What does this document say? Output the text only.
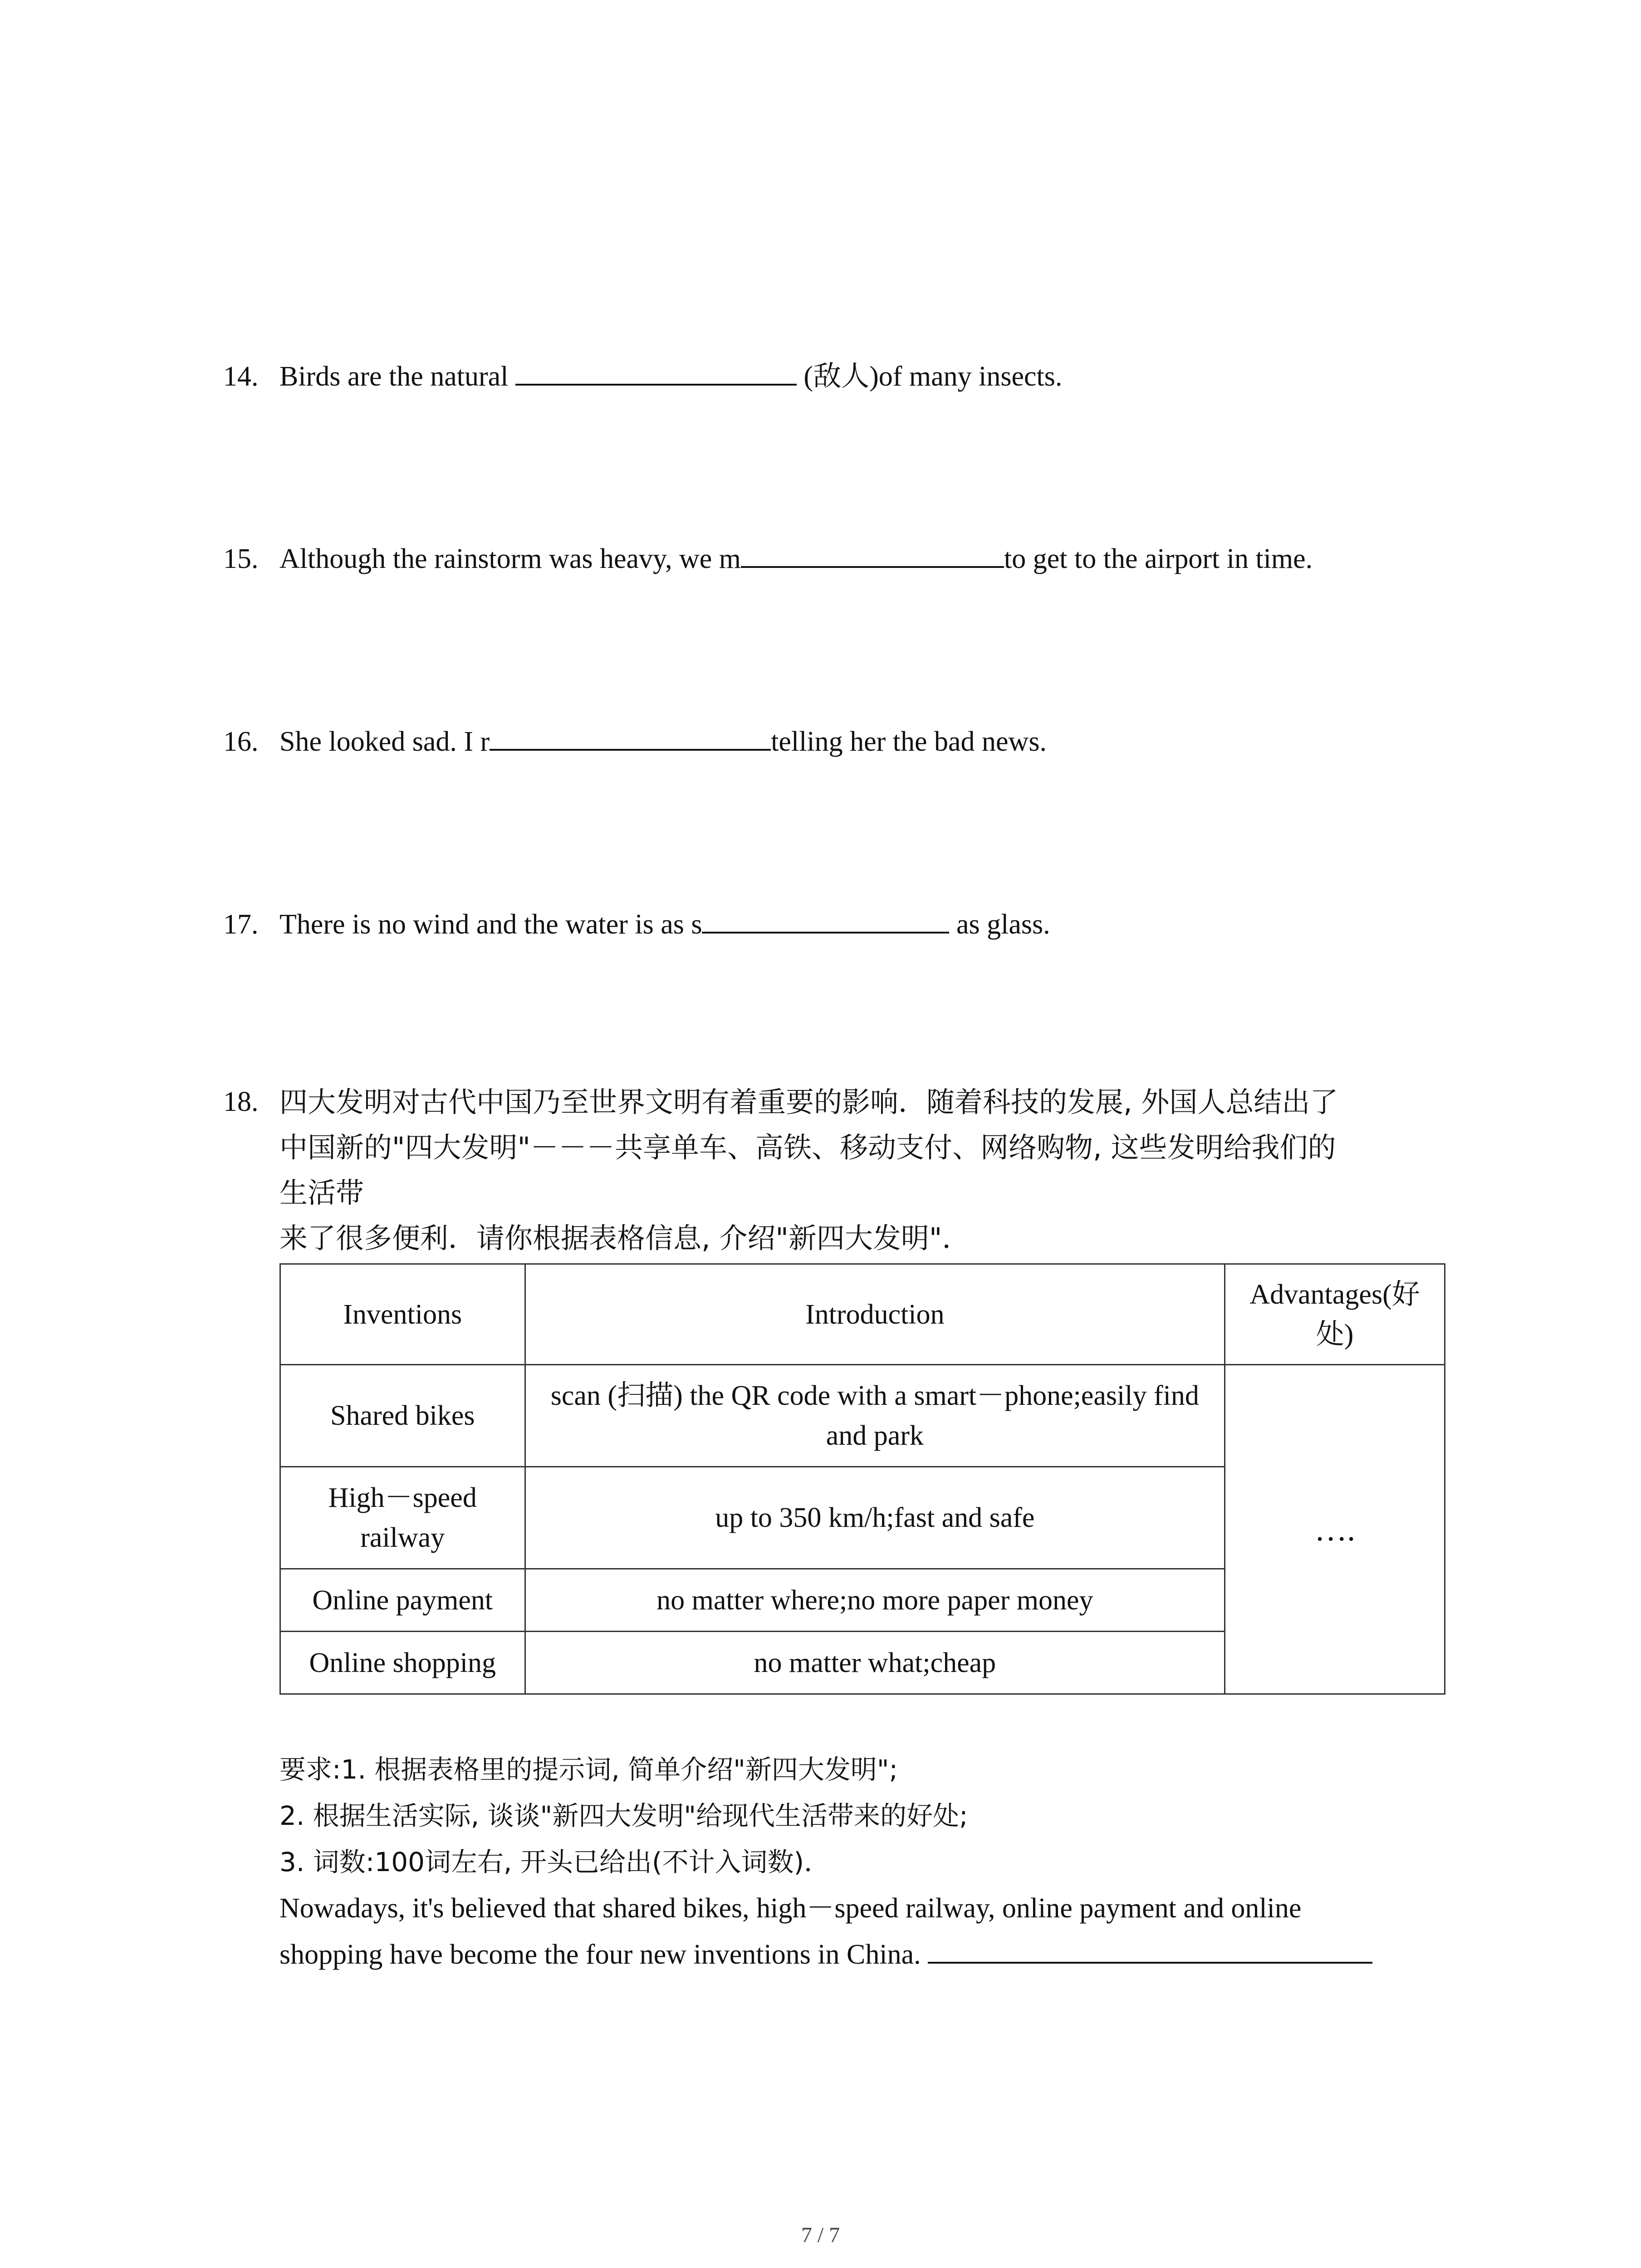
14. Birds are the natural	(敌人)of many insects.
15. Although the rainstorm was heavy, we m	to get to the airport in time.
16. She looked sad. I r	telling her the bad news.
17. There is no wind and the water is as s	as glass.
18. 四大发明对古代中国乃至世界文明有着重要的影响．随着科技的发展, 外国人总结出了
中国新的"四大发明"－－－共享单车、高铁、移动支付、网络购物, 这些发明给我们的
生活带
来了很多便利．请你根据表格信息, 介绍"新四大发明"．
Inventions	Introduction	Advantages(好处)
Shared bikes	scan (扫描) the QR code with a smart－phone;easily find and park	….
High－speed railway	up to 350 km/h;fast and safe	
Online payment	no matter where;no more paper money	
Online shopping	no matter what;cheap	
要求:1. 根据表格里的提示词, 简单介绍"新四大发明";
2. 根据生活实际, 谈谈"新四大发明"给现代生活带来的好处;
3. 词数:100词左右, 开头已给出(不计入词数)．
Nowadays, it's believed that shared bikes, high－speed railway, online payment and online
shopping have become the four new inventions in China.
7 / 7
